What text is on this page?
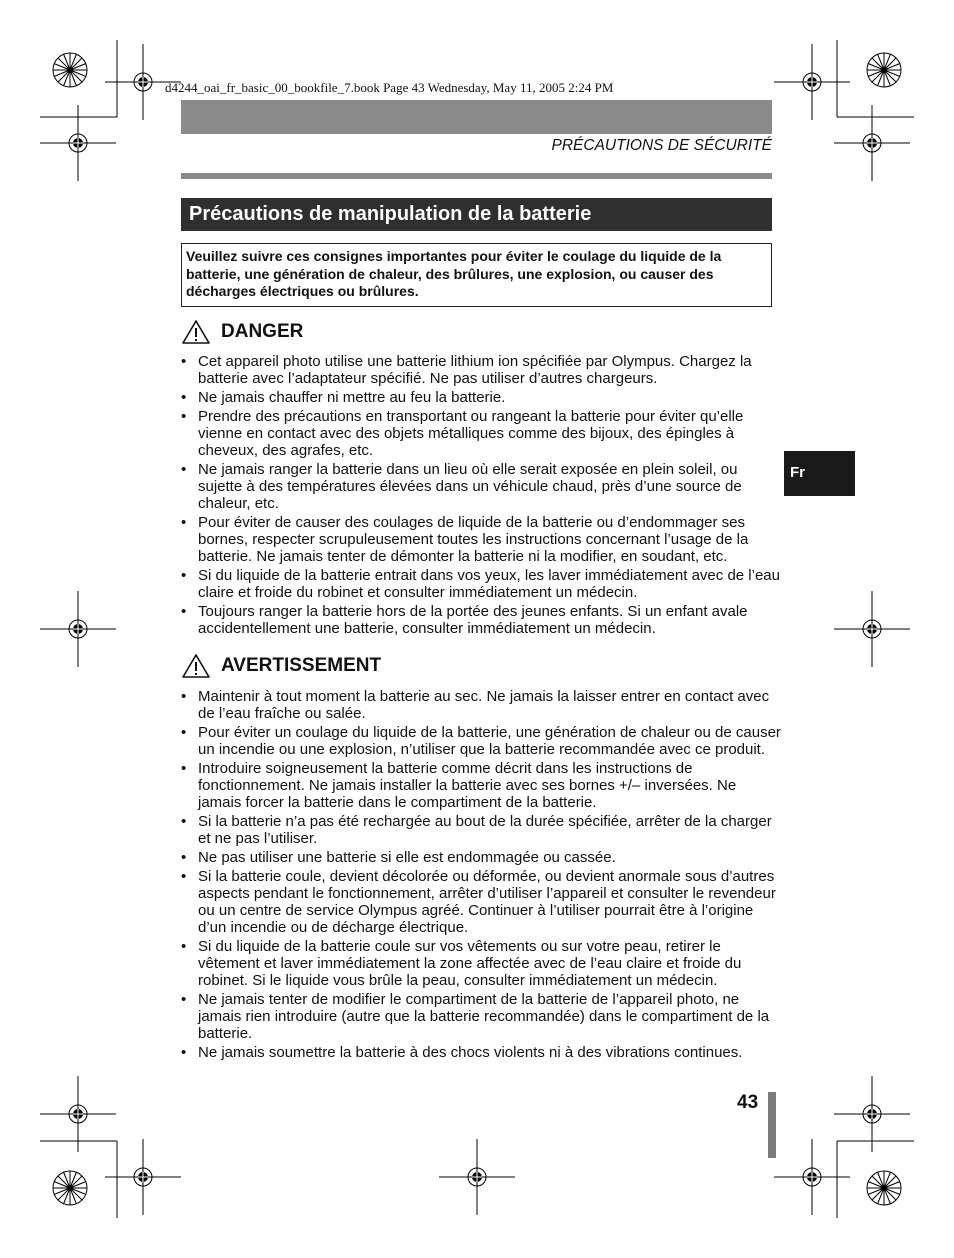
d4244_oai_fr_basic_00_bookfile_7.book Page 43 Wednesday, May 11, 2005 2:24 PM
PRÉCAUTIONS DE SÉCURITÉ
Précautions de manipulation de la batterie
Veuillez suivre ces consignes importantes pour éviter le coulage du liquide de la batterie, une génération de chaleur, des brûlures, une explosion, ou causer des décharges électriques ou brûlures.
DANGER
• Cet appareil photo utilise une batterie lithium ion spécifiée par Olympus. Chargez la batterie avec l’adaptateur spécifié. Ne pas utiliser d’autres chargeurs.
• Ne jamais chauffer ni mettre au feu la batterie.
• Prendre des précautions en transportant ou rangeant la batterie pour éviter qu’elle vienne en contact avec des objets métalliques comme des bijoux, des épingles à cheveux, des agrafes, etc.
• Ne jamais ranger la batterie dans un lieu où elle serait exposée en plein soleil, ou sujette à des températures élevées dans un véhicule chaud, près d’une source de chaleur, etc.
• Pour éviter de causer des coulages de liquide de la batterie ou d’endommager ses bornes, respecter scrupuleusement toutes les instructions concernant l’usage de la batterie. Ne jamais tenter de démonter la batterie ni la modifier, en soudant, etc.
• Si du liquide de la batterie entrait dans vos yeux, les laver immédiatement avec de l’eau claire et froide du robinet et consulter immédiatement un médecin.
• Toujours ranger la batterie hors de la portée des jeunes enfants. Si un enfant avale accidentellement une batterie, consulter immédiatement un médecin.
AVERTISSEMENT
• Maintenir à tout moment la batterie au sec. Ne jamais la laisser entrer en contact avec de l’eau fraîche ou salée.
• Pour éviter un coulage du liquide de la batterie, une génération de chaleur ou de causer un incendie ou une explosion, n’utiliser que la batterie recommandée avec ce produit.
• Introduire soigneusement la batterie comme décrit dans les instructions de fonctionnement. Ne jamais installer la batterie avec ses bornes +/– inversées. Ne jamais forcer la batterie dans le compartiment de la batterie.
• Si la batterie n’a pas été rechargée au bout de la durée spécifiée, arrêter de la charger et ne pas l’utiliser.
• Ne pas utiliser une batterie si elle est endommagée ou cassée.
• Si la batterie coule, devient décolorée ou déformée, ou devient anormale sous d’autres aspects pendant le fonctionnement, arrêter d’utiliser l’appareil et consulter le revendeur ou un centre de service Olympus agréé. Continuer à l’utiliser pourrait être à l’origine d’un incendie ou de décharge électrique.
• Si du liquide de la batterie coule sur vos vêtements ou sur votre peau, retirer le vêtement et laver immédiatement la zone affectée avec de l’eau claire et froide du robinet. Si le liquide vous brûle la peau, consulter immédiatement un médecin.
• Ne jamais tenter de modifier le compartiment de la batterie de l’appareil photo, ne jamais rien introduire (autre que la batterie recommandée) dans le compartiment de la batterie.
• Ne jamais soumettre la batterie à des chocs violents ni à des vibrations continues.
Fr
43
